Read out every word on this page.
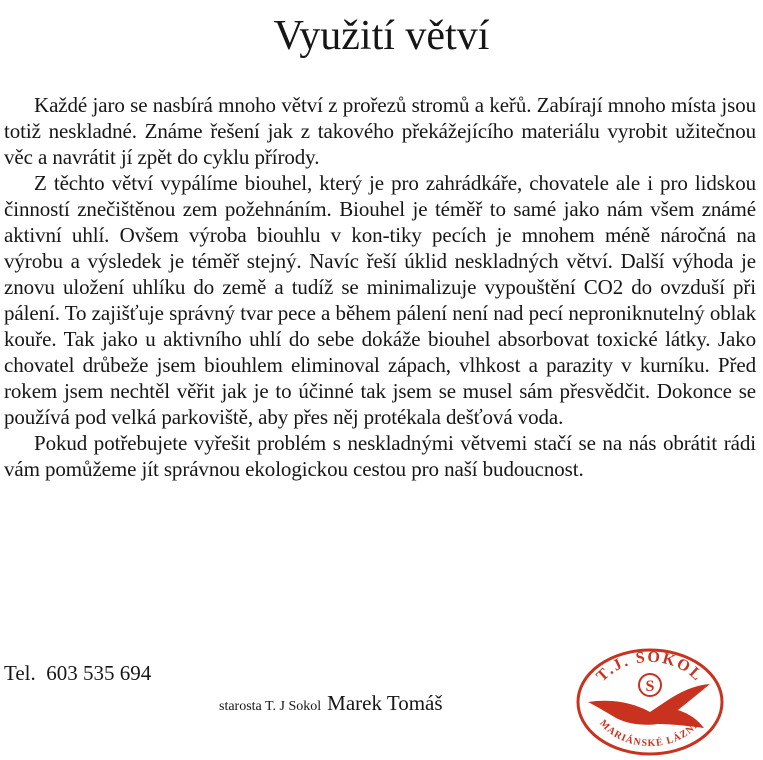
Využití větví

Každé jaro se nasbírá mnoho větví z prořezů stromů a keřů. Zabírají mnoho místa jsou totiž neskladné. Známe řešení jak z takového překážejícího materiálu vyrobit užitečnou věc a navrátit jí zpět do cyklu přírody.

Z těchto větví vypálíme biouhel, který je pro zahrádkáře, chovatele ale i pro lidskou činností znečištěnou zem požehnáním. Biouhel je téměř to samé jako nám všem známé aktivní uhlí. Ovšem výroba biouhlu v kon-tiky pecích je mnohem méně náročná na výrobu a výsledek je téměř stejný. Navíc řeší úklid neskladných větví. Další výhoda je znovu uložení uhlíku do země a tudíž se minimalizuje vypouštění CO2 do ovzduší při pálení. To zajišťuje správný tvar pece a během pálení není nad pecí neproniknutelný oblak kouře. Tak jako u aktivního uhlí do sebe dokáže biouhel absorbovat toxické látky. Jako chovatel drůbeže jsem biouhlem eliminoval zápach, vlhkost a parazity v kurníku. Před rokem jsem nechtěl věřit jak je to účinné tak jsem se musel sám přesvědčit. Dokonce se používá pod velká parkoviště, aby přes něj protékala dešťová voda.

Pokud potřebujete vyřešit problém s neskladnými větvemi stačí se na nás obrátit rádi vám pomůžeme jít správnou ekologickou cestou pro naší budoucnost.

Tel. 603 535 694
starosta T. J Sokol Marek Tomáš
T.J. SOKOL
S
MARIÁNSKÉ LÁZNĚ
